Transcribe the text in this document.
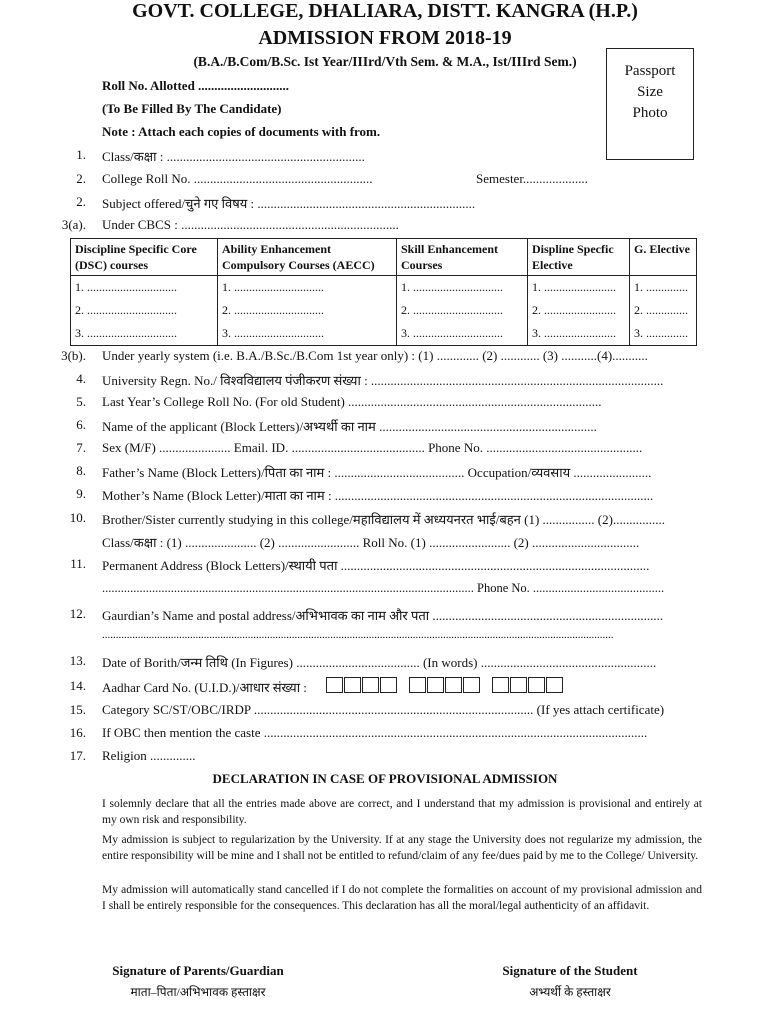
GOVT. COLLEGE, DHALIARA, DISTT. KANGRA (H.P.)
ADMISSION FROM 2018-19
(B.A./B.Com/B.Sc. Ist Year/IIIrd/Vth Sem. & M.A., Ist/IIIrd Sem.)
Passport
Size
Photo
Roll No. Allotted ............................
(To Be Filled By The Candidate)
Note : Attach each copies of documents with from.
1. Class/कक्षा : .............................................................
2. College Roll No. .......................................................	Semester....................
2. Subject offered/चुने गए विषय : ...................................................................
3(a). Under CBCS : ...................................................................
Discipline Specific Core (DSC) courses	Ability Enhancement Compulsory Courses (AECC)	Skill Enhancement Courses	Displine Specfic Elective	G. Elective
1. ..............................	1. ..............................	1. ..............................	1. ........................	1. ..............
2. ..............................	2. ..............................	2. ..............................	2. ........................	2. ..............
3. ..............................	3. ..............................	3. ..............................	3. ........................	3. ..............
3(b). Under yearly system (i.e. B.A./B.Sc./B.Com 1st year only) : (1) ............. (2) ............ (3) ...........(4)...........
4. University Regn. No./ विश्वविद्यालय पंजीकरण संख्या : ..........................................................................................
5. Last Year’s College Roll No. (For old Student) ..............................................................................
6. Name of the applicant (Block Letters)/अभ्यर्थी का नाम ...................................................................
7. Sex (M/F) ...................... Email. ID. ......................................... Phone No. ................................................
8. Father’s Name (Block Letters)/पिता का नाम : ........................................ Occupation/व्यवसाय ........................
9. Mother’s Name (Block Letter)/माता का नाम : ..................................................................................................
10. Brother/Sister currently studying in this college/महाविद्यालय में अध्ययनरत भाई/बहन (1) ................ (2)................
Class/कक्षा : (1) ...................... (2) ......................... Roll No. (1) ......................... (2) .................................
11. Permanent Address (Block Letters)/स्थायी पता ...............................................................................................
....................................................................................................................... Phone No. ..........................................
12. Gaurdian’s Name and postal address/अभिभावक का नाम और पता .......................................................................
..........................................................................................................................................................................................
13. Date of Borith/जन्म तिथि (In Figures) ...................................... (In words) ......................................................
14. Aadhar Card No. (U.I.D.)/आधार संख्या :
15. Category SC/ST/OBC/IRDP ...................................................................................... (If yes attach certificate)
16. If OBC then mention the caste ......................................................................................................................
17. Religion ..............
DECLARATION IN CASE OF PROVISIONAL ADMISSION
I solemnly declare that all the entries made above are correct, and I understand that my admission is provisional and entirely at my own risk and responsibility.
My admission is subject to regularization by the University. If at any stage the University does not regularize my admission, the entire responsibility will be mine and I shall not be entitled to refund/claim of any fee/dues paid by me to the College/ University.
My admission will automatically stand cancelled if I do not complete the formalities on account of my provisional admission and I shall be entirely responsible for the consequences. This declaration has all the moral/legal authenticity of an affidavit.
Signature of Parents/Guardian
माता–पिता/अभिभावक हस्ताक्षर
Signature of the Student
अभ्यर्थी के हस्ताक्षर
